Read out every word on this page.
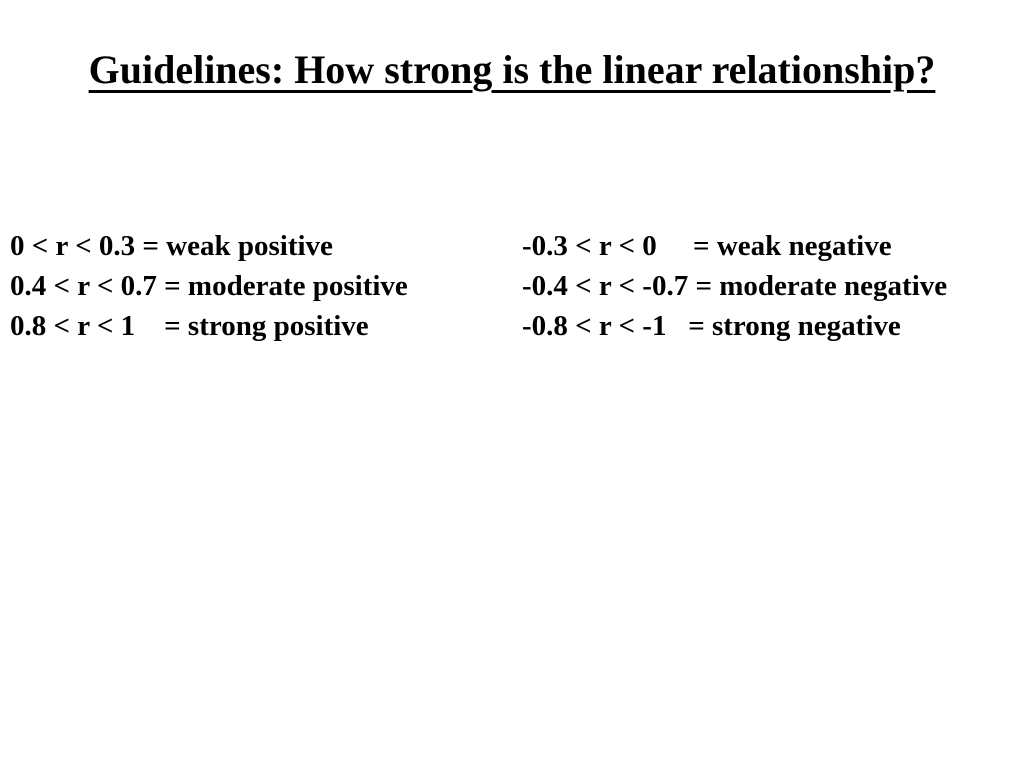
Guidelines: How strong is the linear relationship?
0 < r < 0.3 = weak positive	-0.3 < r < 0     = weak negative
0.4 < r < 0.7 = moderate positive	-0.4 < r < -0.7 = moderate negative
0.8 < r < 1    = strong positive	-0.8 < r < -1   = strong negative
